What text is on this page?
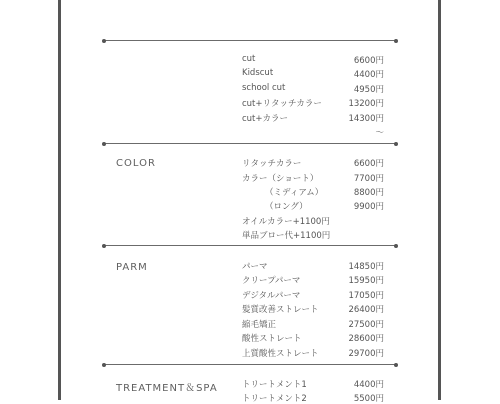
cut	6600円
Kidscut	4400円
school cut	4950円
cut+リタッチカラー	13200円
cut+カラー	14300円
〜
COLOR	リタッチカラー	6600円
カラー（ショート）	7700円
（ミディアム）	8800円
（ロング）	9900円
オイルカラー+1100円
単品ブロー代+1100円
PARM	パーマ	14850円
クリープパーマ	15950円
デジタルパーマ	17050円
髪質改善ストレート	26400円
縮毛矯正	27500円
酸性ストレート	28600円
上質酸性ストレート	29700円
TREATMENT＆SPA	トリートメント1	4400円
トリートメント2	5500円
